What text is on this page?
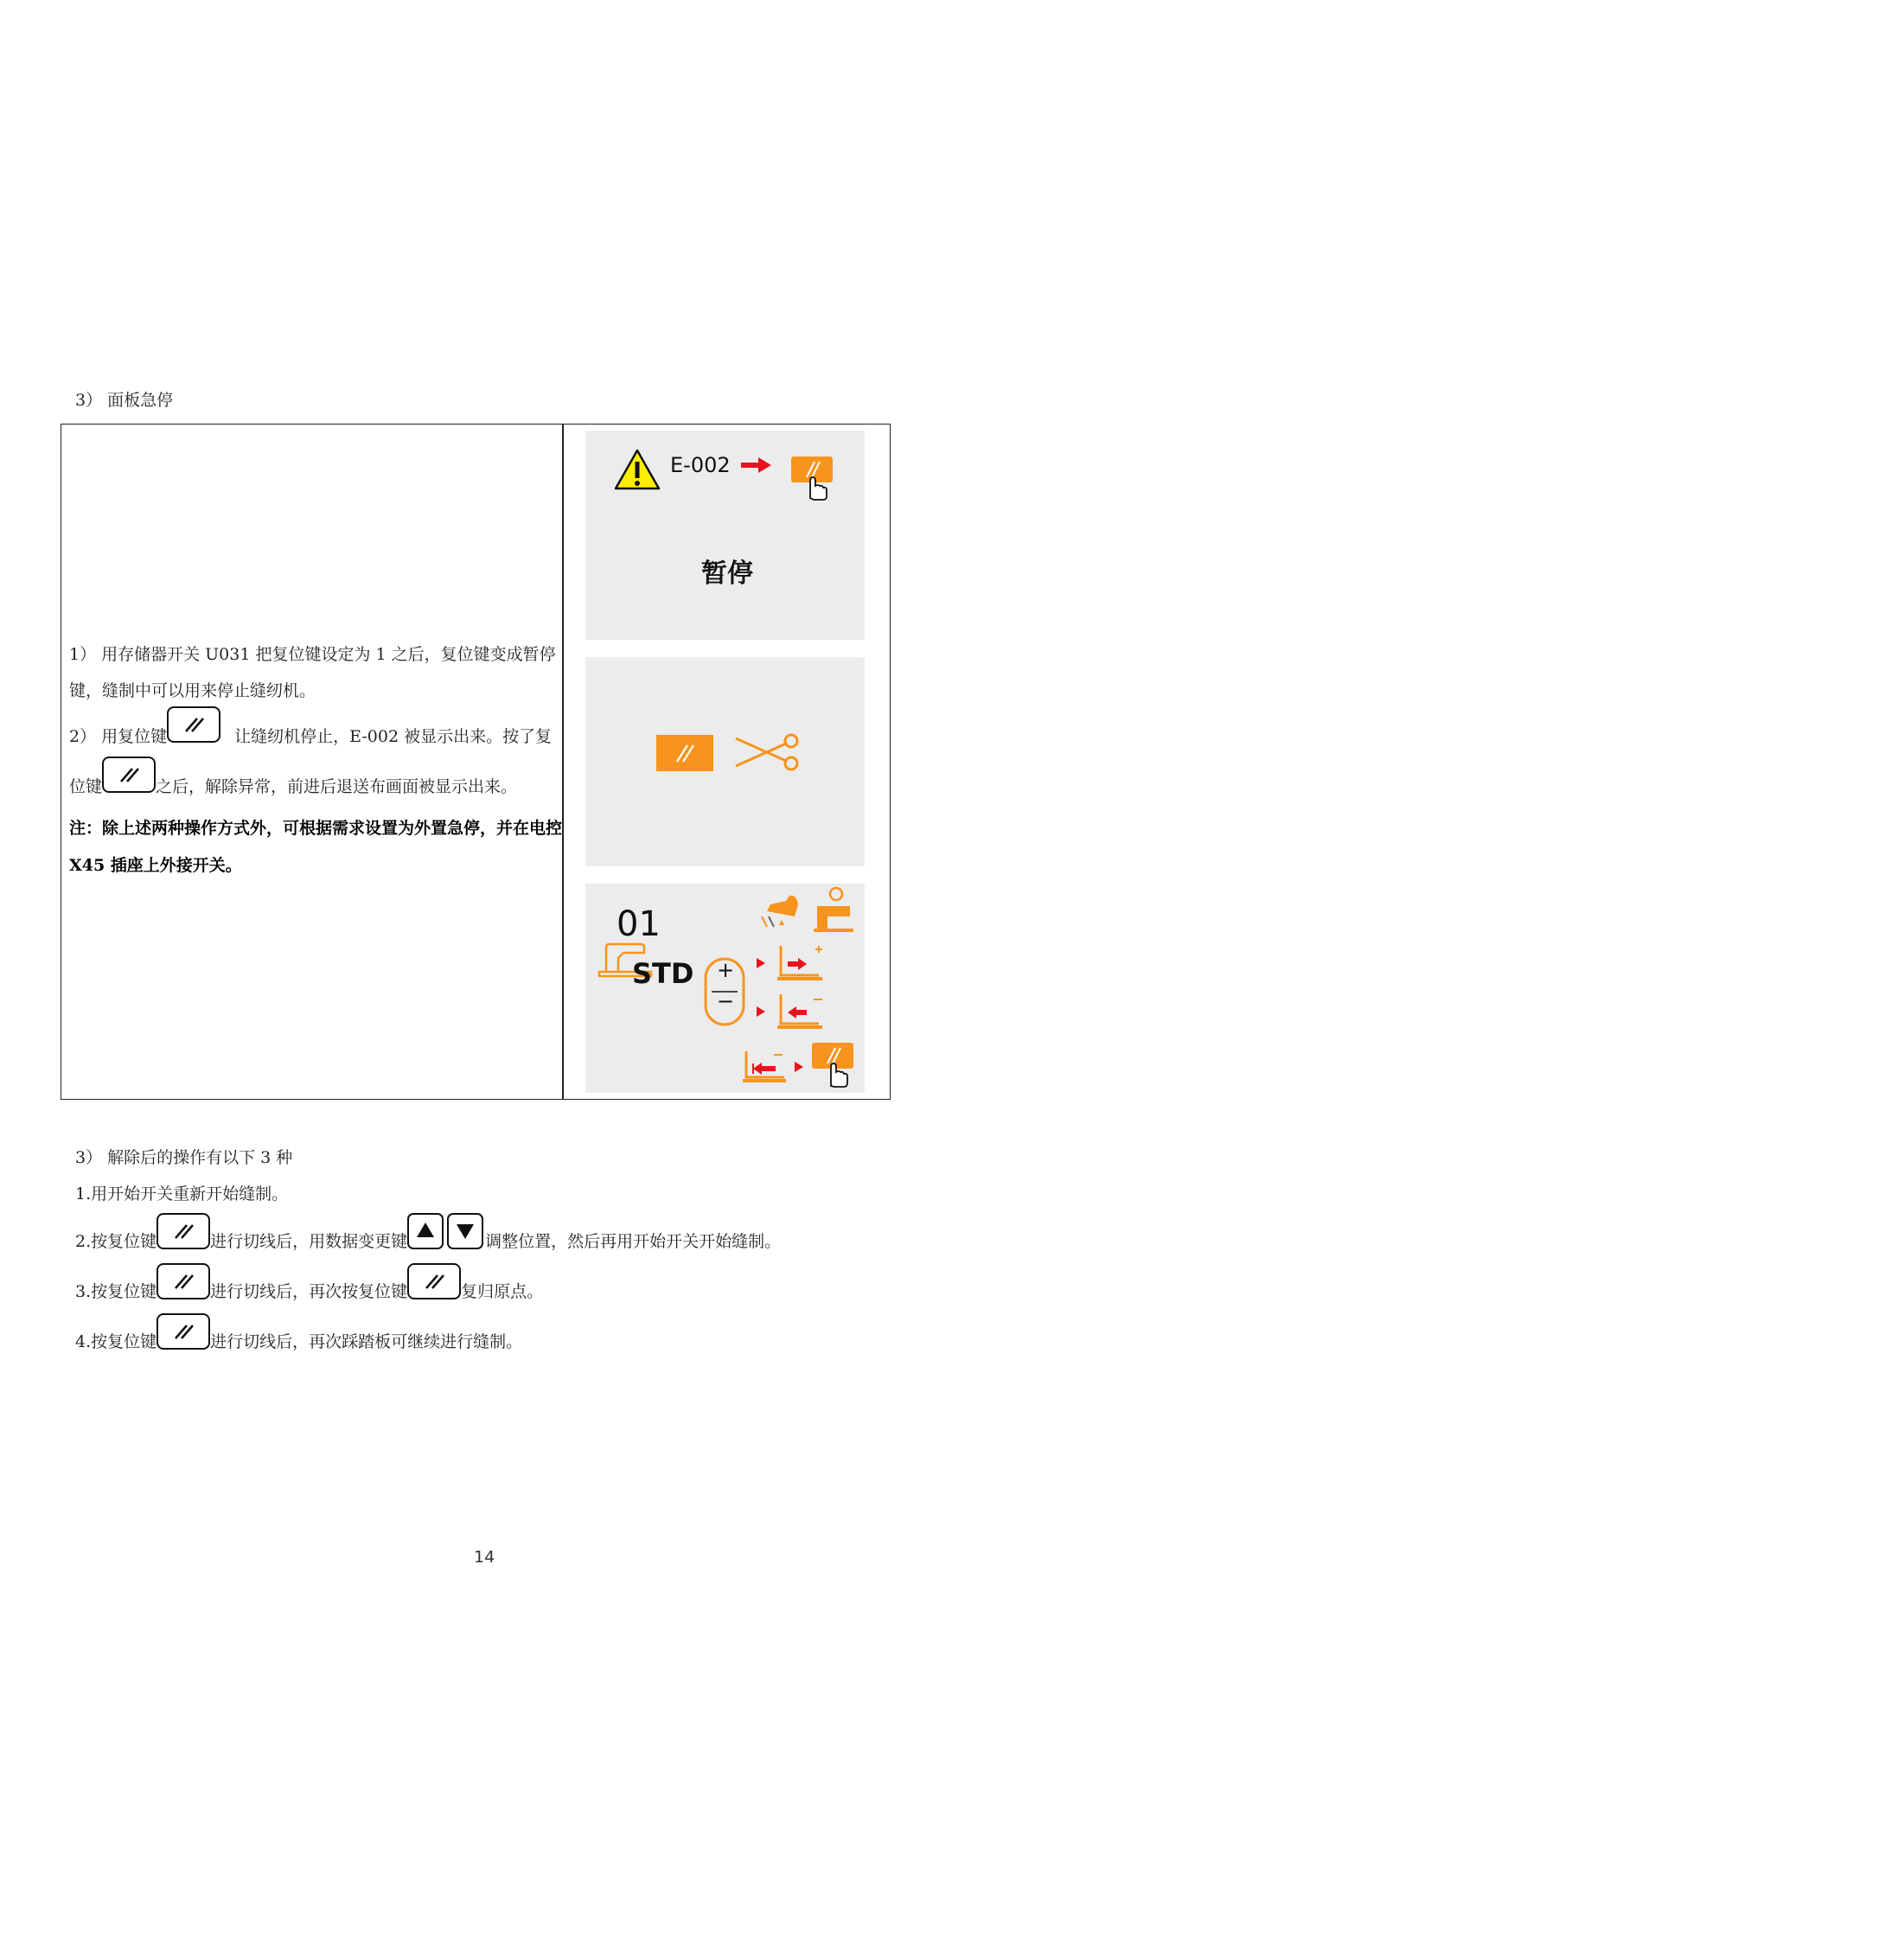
3） 面板急停
1） 用存储器开关 U031 把复位键设定为 1 之后，复位键变成暂停
键，缝制中可以用来停止缝纫机。
2） 用复位键	让缝纫机停止，E-002 被显示出来。按了复
位键	之后，解除异常，前进后退送布画面被显示出来。
注：除上述两种操作方式外，可根据需求设置为外置急停，并在电控
X45 插座上外接开关。
E-002
暂停
01
STD +
−
3） 解除后的操作有以下 3 种
1.用开始开关重新开始缝制。
2.按复位键	进行切线后，用数据变更键	调整位置，然后再用开始开关开始缝制。
3.按复位键	进行切线后，再次按复位键	复归原点。
4.按复位键	进行切线后，再次踩踏板可继续进行缝制。
14
